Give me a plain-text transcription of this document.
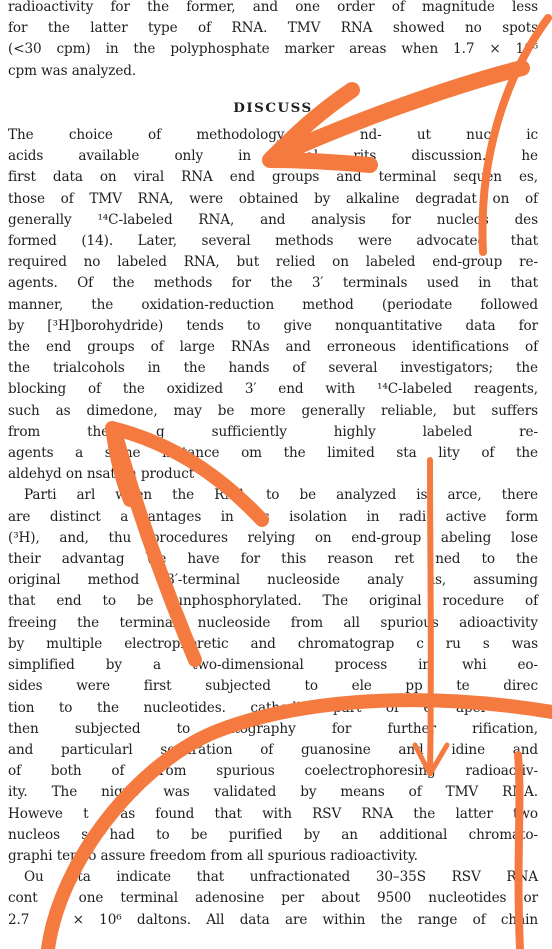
radioactivity for the former, and one order of magnitude less
for the latter type of RNA. TMV RNA showed no spots
(<30 cpm) in the polyphosphate marker areas when 1.7 × 10⁶
cpm was analyzed.
DISCUSS
The choice of methodology f nd- ut nuc ic
acids available only in smal rits discussion. he
first data on viral RNA end groups and terminal sequen es,
those of TMV RNA, were obtained by alkaline degradat on of
generally ¹⁴C-labeled RNA, and analysis for nucleos des
formed (14). Later, several methods were advocated that
required no labeled RNA, but relied on labeled end-group re-
agents. Of the methods for the 3′ terminals used in that
manner, the oxidation-reduction method (periodate followed
by [³H]borohydride) tends to give nonquantitative data for
the end groups of large RNAs and erroneous identifications of
the trialcohols in the hands of several investigators; the
blocking of the oxidized 3′ end with ¹⁴C-labeled reagents,
such as dimedone, may be more generally reliable, but suffers
from the g sufficiently highly labeled re-
agents a some instance om the limited sta lity of the
aldehyd on nsation product
Parti arl when the RNA to be analyzed is arce, there
are distinct a antages in its isolation in radi active form
(³H), and, thu procedures relying on end-group abeling lose
their advantag We have for this reason ret ned to the
original method 3′-terminal nucleoside analy is, assuming
that end to be unphosphorylated. The original rocedure of
freeing the terminal nucleoside from all spurious adioactivity
by multiple electrophoretic and chromatograp c ru s was
simplified by a two-dimensional process in whi eo-
sides were first subjected to ele pp te direc
tion to the nucleotides. cathodic part of e aper was
then subjected to atography for further rification,
and particularl separation of guanosine and idine and
of both of from spurious coelectrophoresing radioactiv-
ity. The nique was validated by means of TMV RNA.
Howeve t was found that with RSV RNA the latter two
nucleos s had to be purified by an additional chromato-
graphi tep to assure freedom from all spurious radioactivity.
Ou ata indicate that unfractionated 30–35S RSV RNA
cont s one terminal adenosine per about 9500 nucleotides or
2.7 .2 × 10⁶ daltons. All data are within the range of chain
